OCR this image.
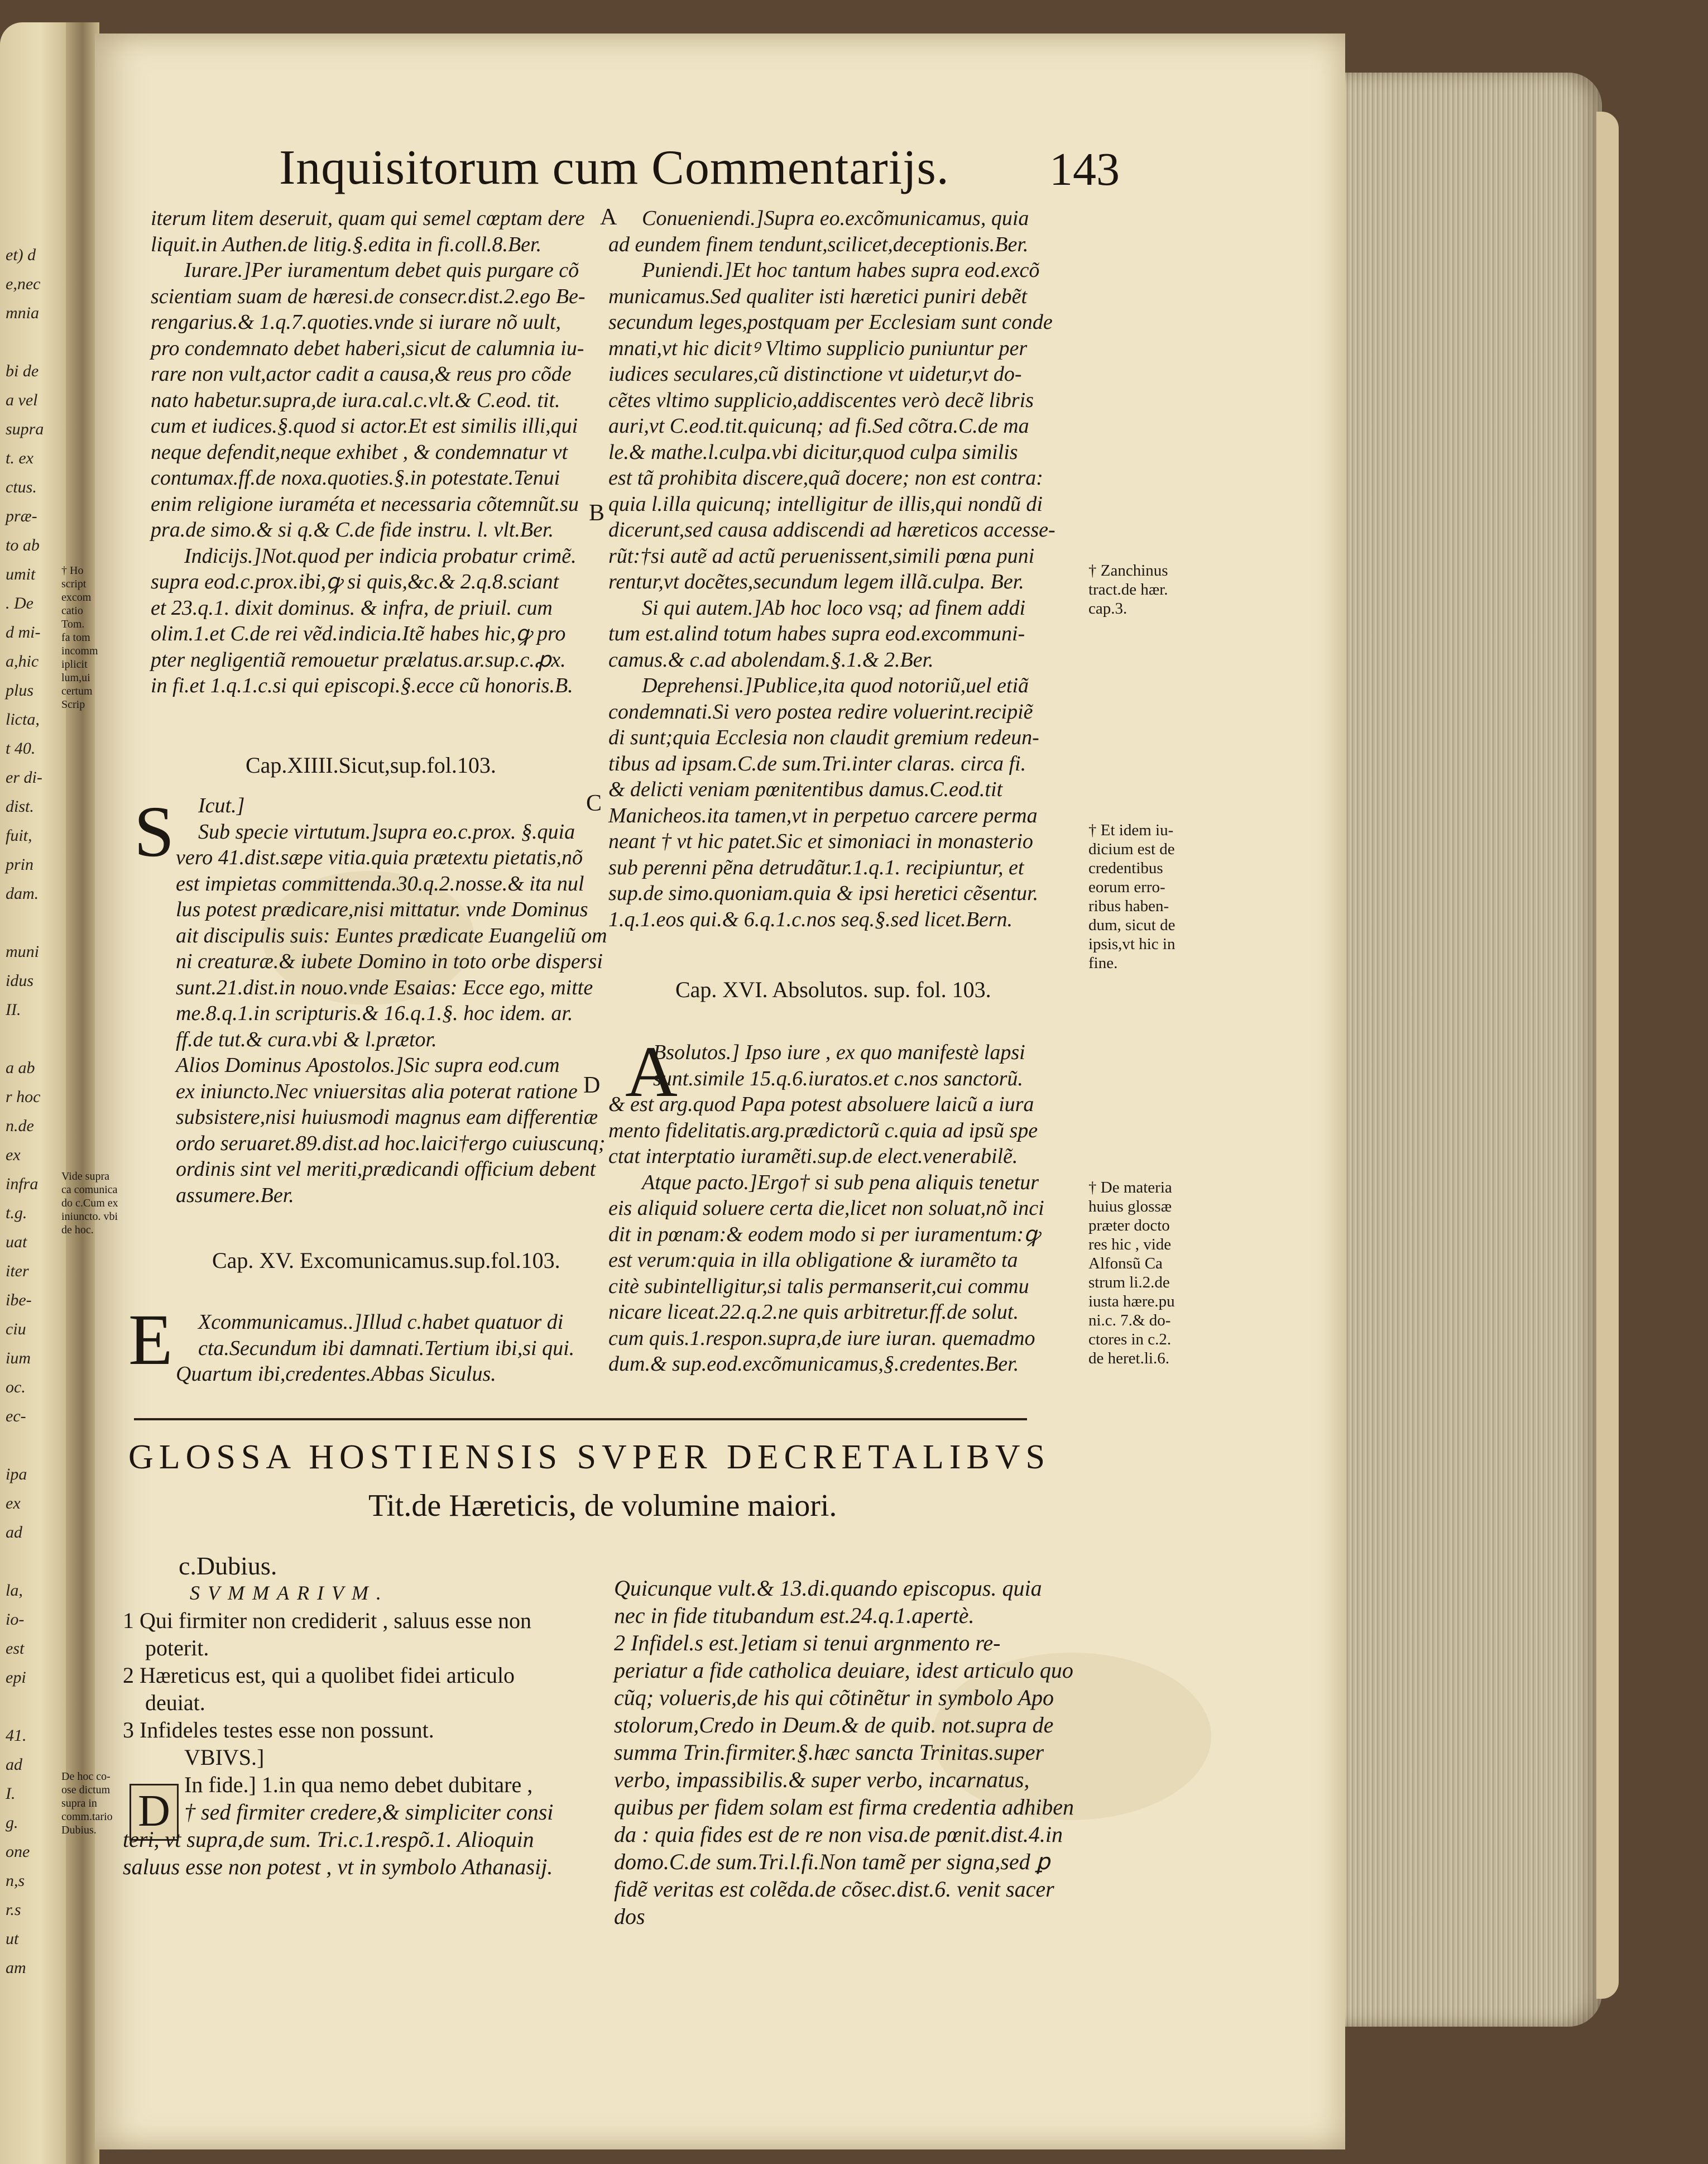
et) d
e,nec
mnia
bi de
a vel
supra
t. ex
ctus.
præ-
to ab
umit
. De
d mi-
a,hic
plus
licta,
t 40.
er di-
dist.
fuit,
prin
dam.
muni
idus
II.
a ab
r hoc
n.de
ex
infra
t.g.
uat
iter
ibe-
ciu
ium
oc.
ec-
ipa
ex
ad
la,
io-
est
epi
41.
ad
I.
g.
one
n,s
r.s
ut
am
† Ho
script
excom
catio
Tom.
fa tom
incomm
iplicit
lum,ui
certum
Scrip
Vide supra
ca comunica
do c.Cum ex
iniuncto. vbi
de hoc.
De hoc co-
ose dictum
supra in
comm.tario
Dubius.
Inquisitorum cum Commentarijs. 143
iterum litem deseruit, quam qui semel cœptam dere
liquit.in Authen.de litig.§.edita in fi.coll.8.Ber.
Iurare.]Per iuramentum debet quis purgare cõ
scientiam suam de hæresi.de consecr.dist.2.ego Be-
rengarius.& 1.q.7.quoties.vnde si iurare nõ uult,
pro condemnato debet haberi,sicut de calumnia iu-
rare non vult,actor cadit a causa,& reus pro cõde
nato habetur.supra,de iura.cal.c.vlt.& C.eod. tit.
cum et iudices.§.quod si actor.Et est similis illi,qui
neque defendit,neque exhibet , & condemnatur vt
contumax.ff.de noxa.quoties.§.in potestate.Tenui
enim religione iuraméta et necessaria cõtemnũt.su
pra.de simo.& si q.& C.de fide instru. l. vlt.Ber.
Indicijs.]Not.quod per indicia probatur crimẽ.
supra eod.c.prox.ibi,ꝙ si quis,&c.& 2.q.8.sciant
et 23.q.1. dixit dominus. & infra, de priuil. cum
olim.1.et C.de rei vẽd.indicia.Itẽ habes hic,ꝙ pro
pter negligentiã remouetur prælatus.ar.sup.c.ꝓx.
in fi.et 1.q.1.c.si qui episcopi.§.ecce cũ honoris.B.
Cap.XIIII.Sicut,sup.fol.103.
S	Icut.]
Sub specie virtutum.]supra eo.c.prox. §.quia
vero 41.dist.sæpe vitia.quia prætextu pietatis,nõ
est impietas committenda.30.q.2.nosse.& ita nul
lus potest prædicare,nisi mittatur. vnde Dominus
ait discipulis suis: Euntes prædicate Euangeliũ om
ni creaturæ.& iubete Domino in toto orbe dispersi
sunt.21.dist.in nouo.vnde Esaias: Ecce ego, mitte
me.8.q.1.in scripturis.& 16.q.1.§. hoc idem. ar.
ff.de tut.& cura.vbi & l.prætor.
Alios Dominus Apostolos.]Sic supra eod.cum
ex iniuncto.Nec vniuersitas alia poterat ratione
subsistere,nisi huiusmodi magnus eam differentiæ
ordo seruaret.89.dist.ad hoc.laici†ergo cuiuscunq;
ordinis sint vel meriti,prædicandi officium debent
assumere.Ber.
Cap. XV. Excomunicamus.sup.fol.103.
E	Xcommunicamus..]Illud c.habet quatuor di
cta.Secundum ibi damnati.Tertium ibi,si qui.
Quartum ibi,credentes.Abbas Siculus.
A
B
C
D
Conueniendi.]Supra eo.excõmunicamus, quia
ad eundem finem tendunt,scilicet,deceptionis.Ber.
Puniendi.]Et hoc tantum habes supra eod.excõ
municamus.Sed qualiter isti hæretici puniri debẽt
secundum leges,postquam per Ecclesiam sunt conde
mnati,vt hic dicitꝰ Vltimo supplicio puniuntur per
iudices seculares,cũ distinctione vt uidetur,vt do-
cẽtes vltimo supplicio,addiscentes verò decẽ libris
auri,vt C.eod.tit.quicunq; ad fi.Sed cõtra.C.de ma
le.& mathe.l.culpa.vbi dicitur,quod culpa similis
est tã prohibita discere,quã docere; non est contra:
quia l.illa quicunq; intelligitur de illis,qui nondũ di
dicerunt,sed causa addiscendi ad hæreticos accesse-
rũt:†si autẽ ad actũ peruenissent,simili pœna puni
rentur,vt docẽtes,secundum legem illã.culpa. Ber.
Si qui autem.]Ab hoc loco vsq; ad finem addi
tum est.alind totum habes supra eod.excommuni-
camus.& c.ad abolendam.§.1.& 2.Ber.
Deprehensi.]Publice,ita quod notoriũ,uel etiã
condemnati.Si vero postea redire voluerint.recipiẽ
di sunt;quia Ecclesia non claudit gremium redeun-
tibus ad ipsam.C.de sum.Tri.inter claras. circa fi.
& delicti veniam pœnitentibus damus.C.eod.tit
Manicheos.ita tamen,vt in perpetuo carcere perma
neant † vt hic patet.Sic et simoniaci in monasterio
sub perenni pẽna detrudãtur.1.q.1. recipiuntur, et
sup.de simo.quoniam.quia & ipsi heretici cẽsentur.
1.q.1.eos qui.& 6.q.1.c.nos seq.§.sed licet.Bern.
Cap. XVI. Absolutos. sup. fol. 103.
A
Bsolutos.] Ipso iure , ex quo manifestè lapsi
sunt.simile 15.q.6.iuratos.et c.nos sanctorũ.
& est arg.quod Papa potest absoluere laicũ a iura
mento fidelitatis.arg.prædictorũ c.quia ad ipsũ spe
ctat interptatio iuramẽti.sup.de elect.venerabilẽ.
Atque pacto.]Ergo† si sub pena aliquis tenetur
eis aliquid soluere certa die,licet non soluat,nõ inci
dit in pœnam:& eodem modo si per iuramentum:ꝙ
est verum:quia in illa obligatione & iuramẽto ta
citè subintelligitur,si talis permanserit,cui commu
nicare liceat.22.q.2.ne quis arbitretur.ff.de solut.
cum quis.1.respon.supra,de iure iuran. quemadmo
dum.& sup.eod.excõmunicamus,§.credentes.Ber.
† Zanchinus
tract.de hær.
cap.3.
† Et idem iu-
dicium est de
credentibus
eorum erro-
ribus haben-
dum, sicut de
ipsis,vt hic in
fine.
† De materia
huius glossæ
præter docto
res hic , vide
Alfonsũ Ca
strum li.2.de
iusta hære.pu
ni.c. 7.& do-
ctores in c.2.
de heret.li.6.
GLOSSA HOSTIENSIS SVPER DECRETALIBVS
Tit.de Hæreticis, de volumine maiori.
D
c.Dubius.
SVMMARIVM.
1 Qui firmiter non crediderit , saluus esse non
poterit.
2 Hæreticus est, qui a quolibet fidei articulo
deuiat.
3 Infideles testes esse non possunt.
VBIVS.]
In fide.] 1.in qua nemo debet dubitare ,
† sed firmiter credere,& simpliciter consi
teri, vt supra,de sum. Tri.c.1.respõ.1. Alioquin
saluus esse non potest , vt in symbolo Athanasij.
Quicunque vult.& 13.di.quando episcopus. quia
nec in fide titubandum est.24.q.1.apertè.
2 Infidel.s est.]etiam si tenui argnmento re-
periatur a fide catholica deuiare, idest articulo quo
cũq; volueris,de his qui cõtinẽtur in symbolo Apo
stolorum,Credo in Deum.& de quib. not.supra de
summa Trin.firmiter.§.hæc sancta Trinitas.super
verbo, impassibilis.& super verbo, incarnatus,
quibus per fidem solam est firma credentia adhiben
da : quia fides est de re non visa.de pœnit.dist.4.in
domo.C.de sum.Tri.l.fi.Non tamẽ per signa,sed ꝑ
fidẽ veritas est colẽda.de cõsec.dist.6. venit sacer
dos
